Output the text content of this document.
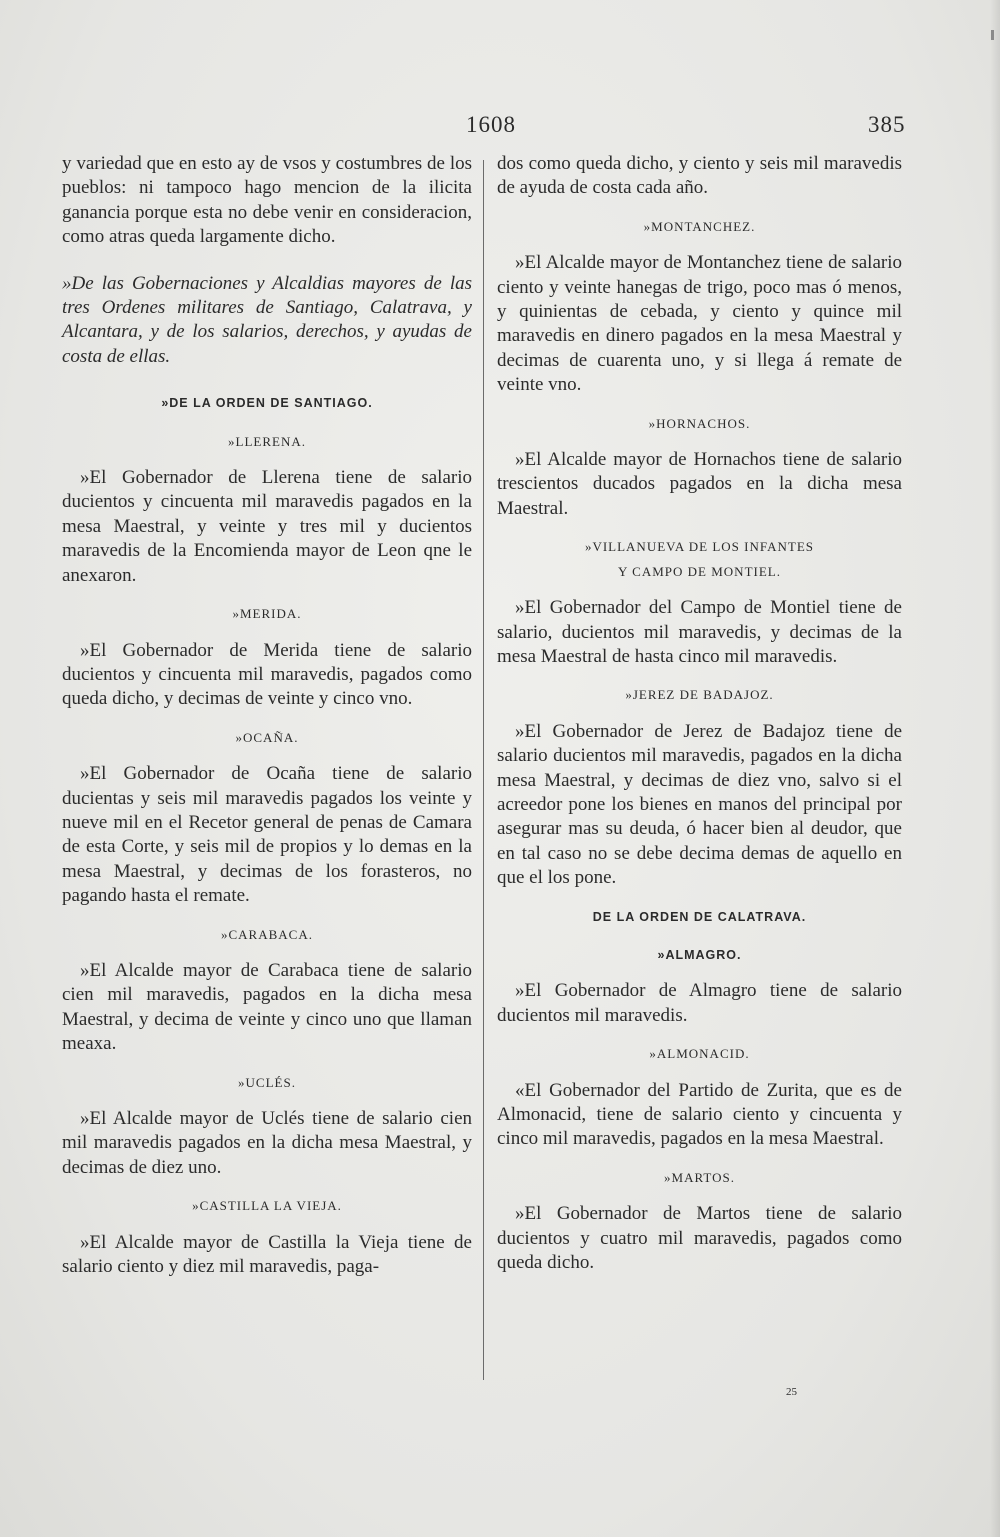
1608	385

y variedad que en esto ay de vsos y costumbres de los pueblos: ni tampoco hago mencion de la ilicita ganancia porque esta no debe venir en consideracion, como atras queda largamente dicho.

»De las Gobernaciones y Alcaldias mayores de las tres Ordenes militares de Santiago, Calatrava, y Alcantara, y de los salarios, derechos, y ayudas de costa de ellas.

»DE LA ORDEN DE SANTIAGO.
»LLERENA.

»El Gobernador de Llerena tiene de salario ducientos y cincuenta mil maravedis pagados en la mesa Maestral, y veinte y tres mil y ducientos maravedis de la Encomienda mayor de Leon qne le anexaron.

»MERIDA.

»El Gobernador de Merida tiene de salario ducientos y cincuenta mil maravedis, pagados como queda dicho, y decimas de veinte y cinco vno.

»OCAÑA.

»El Gobernador de Ocaña tiene de salario ducientas y seis mil maravedis pagados los veinte y nueve mil en el Recetor general de penas de Camara de esta Corte, y seis mil de propios y lo demas en la mesa Maestral, y decimas de los forasteros, no pagando hasta el remate.

»CARABACA.

»El Alcalde mayor de Carabaca tiene de salario cien mil maravedis, pagados en la dicha mesa Maestral, y decima de veinte y cinco uno que llaman meaxa.

»UCLÉS.

»El Alcalde mayor de Uclés tiene de salario cien mil maravedis pagados en la dicha mesa Maestral, y decimas de diez uno.

»CASTILLA LA VIEJA.

»El Alcalde mayor de Castilla la Vieja tiene de salario ciento y diez mil maravedis, paga-

dos como queda dicho, y ciento y seis mil maravedis de ayuda de costa cada año.

»MONTANCHEZ.

»El Alcalde mayor de Montanchez tiene de salario ciento y veinte hanegas de trigo, poco mas ó menos, y quinientas de cebada, y ciento y quince mil maravedis en dinero pagados en la mesa Maestral y decimas de cuarenta uno, y si llega á remate de veinte vno.

»HORNACHOS.

»El Alcalde mayor de Hornachos tiene de salario trescientos ducados pagados en la dicha mesa Maestral.

»VILLANUEVA DE LOS INFANTES
Y CAMPO DE MONTIEL.

»El Gobernador del Campo de Montiel tiene de salario, ducientos mil maravedis, y decimas de la mesa Maestral de hasta cinco mil maravedis.

»JEREZ DE BADAJOZ.

»El Gobernador de Jerez de Badajoz tiene de salario ducientos mil maravedis, pagados en la dicha mesa Maestral, y decimas de diez vno, salvo si el acreedor pone los bienes en manos del principal por asegurar mas su deuda, ó hacer bien al deudor, que en tal caso no se debe decima demas de aquello en que el los pone.

DE LA ORDEN DE CALATRAVA.
»ALMAGRO.

»El Gobernador de Almagro tiene de salario ducientos mil maravedis.

»ALMONACID.

«El Gobernador del Partido de Zurita, que es de Almonacid, tiene de salario ciento y cincuenta y cinco mil maravedis, pagados en la mesa Maestral.

»MARTOS.

»El Gobernador de Martos tiene de salario ducientos y cuatro mil maravedis, pagados como queda dicho.

25
